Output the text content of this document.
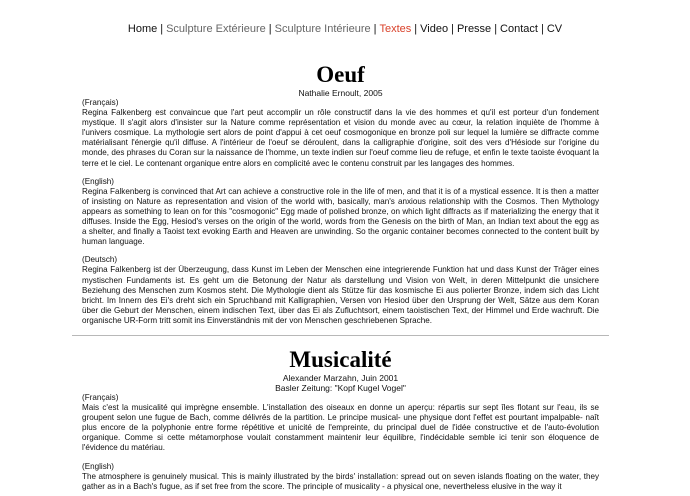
Home | Sculpture Extérieure | Sculpture Intérieure | Textes | Video | Presse | Contact | CV
Oeuf

Nathalie Ernoult, 2005

(Français)
Regina Falkenberg est convaincue que l'art peut accomplir un rôle constructif dans la vie des hommes et qu'il est porteur d'un fondement mystique. Il s'agit alors d'insister sur la Nature comme représentation et vision du monde avec au cœur, la relation inquiète de l'homme à l'univers cosmique. La mythologie sert alors de point d'appui à cet oeuf cosmogonique en bronze poli sur lequel la lumière se diffracte comme matérialisant l'énergie qu'il diffuse. A l'intérieur de l'oeuf se déroulent, dans la calligraphie d'origine, soit des vers d'Hésiode sur l'origine du monde, des phrases du Coran sur la naissance de l'homme, un texte indien sur l'oeuf comme lieu de refuge, et enfin le texte taoiste évoquant la terre et le ciel. Le contenant organique entre alors en complicité avec le contenu construit par les langages des hommes.
(English)
Regina Falkenberg is convinced that Art can achieve a constructive role in the life of men, and that it is of a mystical essence. It is then a matter of insisting on Nature as representation and vision of the world with, basically, man's anxious relationship with the Cosmos. Then Mythology appears as something to lean on for this "cosmogonic" Egg made of polished bronze, on which light diffracts as if materializing the energy that it diffuses. Inside the Egg, Hesiod's verses on the origin of the world, words from the Genesis on the birth of Man, an Indian text about the egg as a shelter, and finally a Taoist text evoking Earth and Heaven are unwinding. So the organic container becomes connected to the content built by human language.
(Deutsch)
Regina Falkenberg ist der Überzeugung, dass Kunst im Leben der Menschen eine integrierende Funktion hat und dass Kunst der Träger eines mystischen Fundaments ist. Es geht um die Betonung der Natur als darstellung und Vision von Welt, in deren Mittelpunkt die unsichere Beziehung des Menschen zum Kosmos steht. Die Mythologie dient als Stütze für das kosmische Ei aus polierter Bronze, indem sich das Licht bricht. Im Innern des Ei's dreht sich ein Spruchband mit Kalligraphien, Versen von Hesiod über den Ursprung der Welt, Sätze aus dem Koran über die Geburt der Menschen, einem indischen Text, über das Ei als Zufluchtsort, einem taoistischen Text, der Himmel und Erde wachruft. Die organische UR-Form tritt somit ins Einverständnis mit der von Menschen geschriebenen Sprache.
Musicalité

Alexander Marzahn, Juin 2001

Basler Zeitung: "Kopf Kugel Vogel"

(Français)
Mais c'est la musicalité qui imprègne ensemble. L'installation des oiseaux en donne un aperçu: répartis sur sept îles flotant sur l'eau, ils se groupent selon une fugue de Bach, comme délivrés de la partition. Le principe musical- une physique dont l'effet est pourtant impalpable- naît plus encore de la polyphonie entre forme répétitive et unicité de l'empreinte, du principal duel de l'idée constructive et de l'auto-évolution organique. Comme si cette métamorphose voulait constamment maintenir leur équilibre, l'indécidable semble ici tenir son éloquence de l'évidence du matériau.
(English)
The atmosphere is genuinely musical. This is mainly illustrated by the birds' installation: spread out on seven islands floating on the water, they gather as in a Bach's fugue, as if set free from the score. The principle of musicality - a physical one, nevertheless elusive in the way it
